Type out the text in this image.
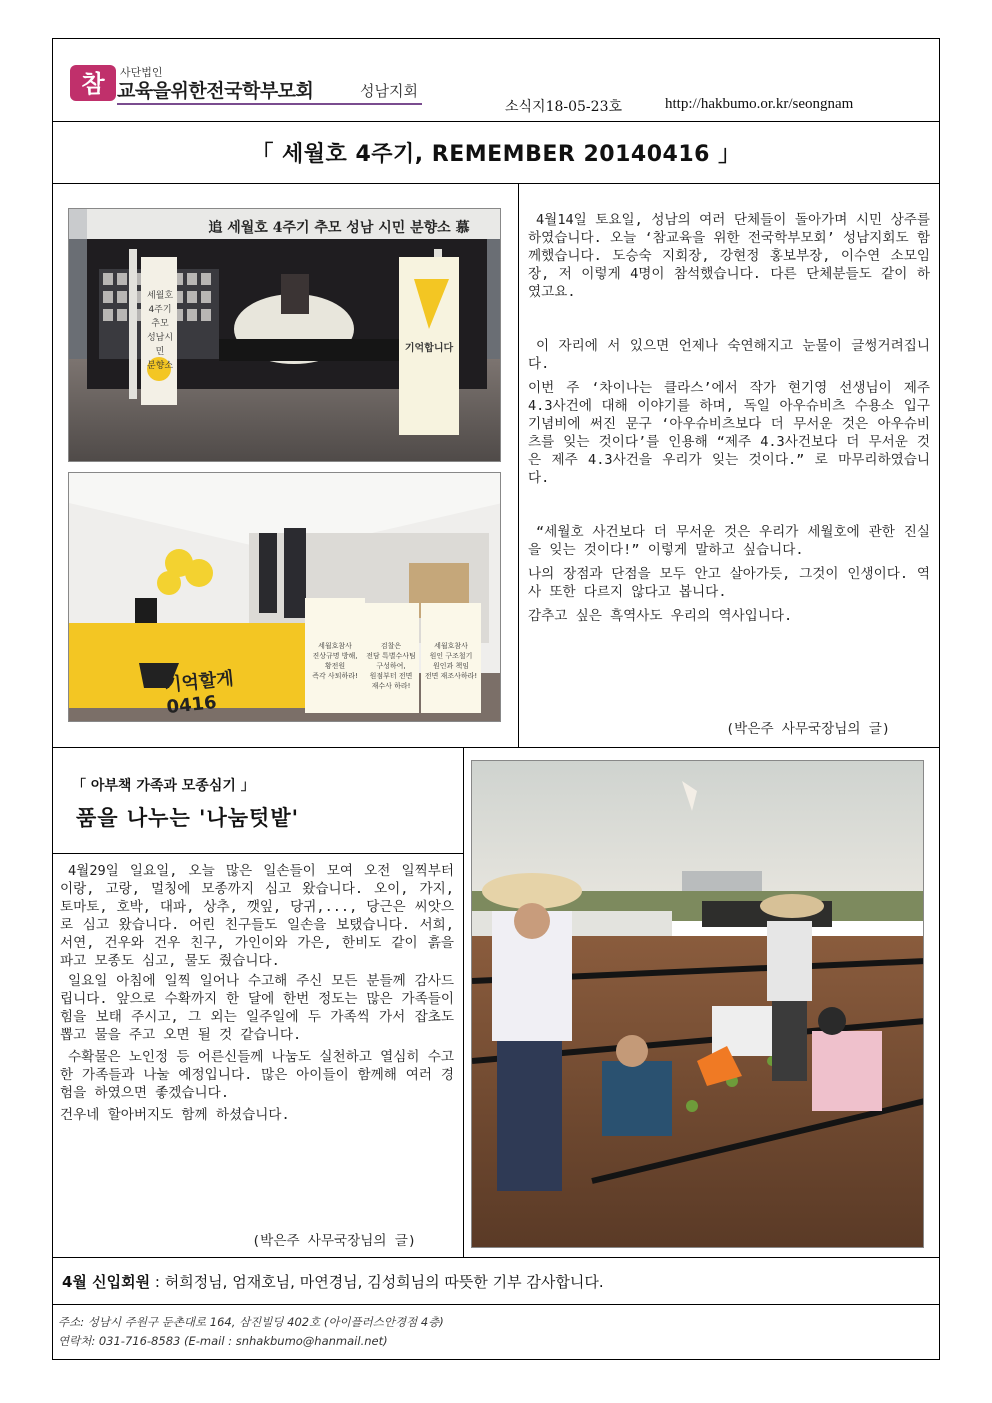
참 사단법인
교육을위한전국학부모회	성남지회
소식지18-05-23호	http://hakbumo.or.kr/seongnam
「 세월호 4주기, REMEMBER 20140416 」
追 세월호 4주기 추모 성남 시민 분향소 慕
세월호
4주기 추모
성남시민
분향소
기억합니다
기억할게 0416
세월호참사
진상규명 방해,
황전원
즉각 사퇴하라!
검찰은
전담 특별수사팀
구성하여,
원점부터 전면
재수사 하라!
세월호참사
원인 구조철기
원인과 책임
전면 재조사하라!

4월14일 토요일, 성남의 여러 단체들이 돌아가며 시민 상주를 하였습니다. 오늘 ‘참교육을 위한 전국학부모회’ 성남지회도 함께했습니다. 도승숙 지회장, 강현정 홍보부장, 이수연 소모임장, 저 이렇게 4명이 참석했습니다. 다른 단체분들도 같이 하였고요.

이 자리에 서 있으면 언제나 숙연해지고 눈물이 글썽거려집니다.

이번 주 ‘차이나는 클라스’에서 작가 현기영 선생님이 제주 4.3사건에 대해 이야기를 하며, 독일 아우슈비츠 수용소 입구 기념비에 써진 문구 ‘아우슈비츠보다 더 무서운 것은 아우슈비츠를 잊는 것이다’를 인용해 “제주 4.3사건보다 더 무서운 것은 제주 4.3사건을 우리가 잊는 것이다.” 로 마무리하였습니다.

“세월호 사건보다 더 무서운 것은 우리가 세월호에 관한 진실을 잊는 것이다!” 이렇게 말하고 싶습니다.

나의 장점과 단점을 모두 안고 살아가듯, 그것이 인생이다. 역사 또한 다르지 않다고 봅니다.

감추고 싶은 흑역사도 우리의 역사입니다.

(박은주 사무국장님의 글)
「 아부책 가족과 모종심기 」
품을 나누는 '나눔텃밭'

4월29일 일요일, 오늘 많은 일손들이 모여 오전 일찍부터 이랑, 고랑, 멀칭에 모종까지 심고 왔습니다. 오이, 가지, 토마토, 호박, 대파, 상추, 깻잎, 당귀,..., 당근은 씨앗으로 심고 왔습니다. 어린 친구들도 일손을 보탰습니다. 서희, 서연, 건우와 건우 친구, 가인이와 가은, 한비도 같이 흙을 파고 모종도 심고, 물도 줬습니다.

일요일 아침에 일찍 일어나 수고해 주신 모든 분들께 감사드립니다. 앞으로 수확까지 한 달에 한번 정도는 많은 가족들이 힘을 보태 주시고, 그 외는 일주일에 두 가족씩 가서 잡초도 뽑고 물을 주고 오면 될 것 같습니다.

수확물은 노인정 등 어른신들께 나눔도 실천하고 열심히 수고한 가족들과 나눌 예정입니다. 많은 아이들이 함께해 여러 경험을 하였으면 좋겠습니다.

건우네 할아버지도 함께 하셨습니다.

(박은주 사무국장님의 글)
4월 신입회원 : 허희정님, 엄재호님, 마연경님, 김성희님의 따뜻한 기부 감사합니다.
주소: 성남시 주원구 둔촌대로 164, 삼진빌딩 402호 (아이플러스안경점 4층)
연락처: 031-716-8583 (E-mail : snhakbumo@hanmail.net)
